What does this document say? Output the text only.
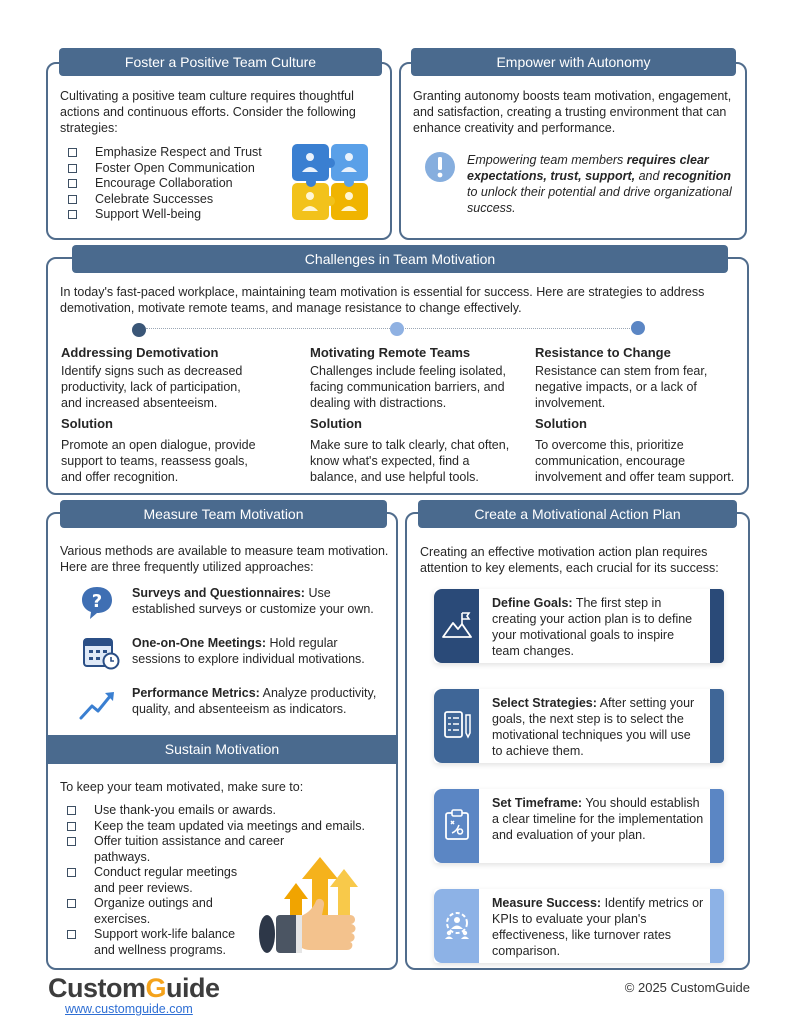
Foster a Positive Team Culture
Cultivating a positive team culture requires thoughtful actions and continuous efforts. Consider the following strategies:
Emphasize Respect and Trust
Foster Open Communication
Encourage Collaboration
Celebrate Successes
Support Well-being
Empower with Autonomy
Granting autonomy boosts team motivation, engagement, and satisfaction, creating a trusting environment that can enhance creativity and performance.
Empowering team members requires clear expectations, trust, support, and recognition to unlock their potential and drive organizational success.
Challenges in Team Motivation
In today's fast-paced workplace, maintaining team motivation is essential for success. Here are strategies to address demotivation, motivate remote teams, and manage resistance to change effectively.
Addressing Demotivation
Identify signs such as decreased productivity, lack of participation, and increased absenteeism.
Solution
Promote an open dialogue, provide support to teams, reassess goals, and offer recognition.
Motivating Remote Teams
Challenges include feeling isolated, facing communication barriers, and dealing with distractions.
Solution
Make sure to talk clearly, chat often, know what's expected, find a balance, and use helpful tools.
Resistance to Change
Resistance can stem from fear, negative impacts, or a lack of involvement.
Solution
To overcome this, prioritize communication, encourage involvement and offer team support.
Measure Team Motivation
Various methods are available to measure team motivation. Here are three frequently utilized approaches:
? Surveys and Questionnaires: Use established surveys or customize your own.
One-on-One Meetings: Hold regular sessions to explore individual motivations.
Performance Metrics: Analyze productivity, quality, and absenteeism as indicators.
Sustain Motivation
To keep your team motivated, make sure to:
Use thank-you emails or awards.
Keep the team updated via meetings and emails.
Offer tuition assistance and career pathways.
Conduct regular meetings and peer reviews.
Organize outings and exercises.
Support work-life balance and wellness programs.
Create a Motivational Action Plan
Creating an effective motivation action plan requires attention to key elements, each crucial for its success:
Define Goals: The first step in creating your action plan is to define your motivational goals to inspire team changes.
Select Strategies: After setting your goals, the next step is to select the motivational techniques you will use to achieve them.
Set Timeframe: You should establish a clear timeline for the implementation and evaluation of your plan.
Measure Success: Identify metrics or KPIs to evaluate your plan's effectiveness, like turnover rates comparison.
CustomGuide
www.customguide.com
© 2025 CustomGuide
